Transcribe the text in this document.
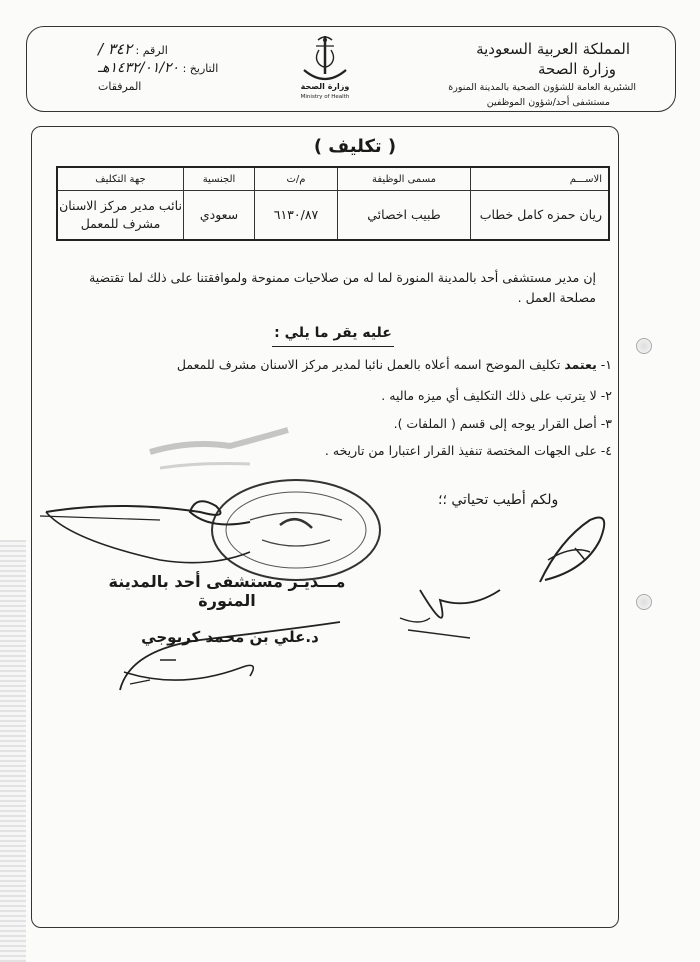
المملكة العربية السعودية
وزارة الصحة
الشئيرية العامة للشؤون الصحية بالمدينة المنورة
مستشفى أحد/شؤون الموظفين
الرقم : ٣٤٢ /
التاريخ : ١٤٣٢/٠١/٢٠هـ
المرفقات	وزارة الصحة
Ministry of Health
( تكليف )
الاســـم	مسمى الوظيفة	م/ت	الجنسية	جهة التكليف
ريان حمزه كامل خطاب	طبيب اخصائي	٦١٣٠/٨٧	سعودي	نائب مدير مركز الاسنان مشرف للمعمل
إن مدير مستشفى أحد بالمدينة المنورة لما له من صلاحيات ممنوحة ولموافقتنا على ذلك لما تقتضية مصلحة العمل .
عليه يقر ما يلي :
١- يعتمد تكليف الموضح اسمه أعلاه بالعمل نائبا لمدير مركز الاسنان مشرف للمعمل
٢- لا يترتب على ذلك التكليف أي ميزه ماليه .
٣- أصل القرار يوجه إلى قسم ( الملفات ).
٤- على الجهات المختصة تنفيذ القرار اعتبارا من تاريخه .
ولكم أطيب تحياتي ؛؛
مـــديـر مستشفى أحد بالمدينة المنورة
د.علي بن محمد كربوجي
